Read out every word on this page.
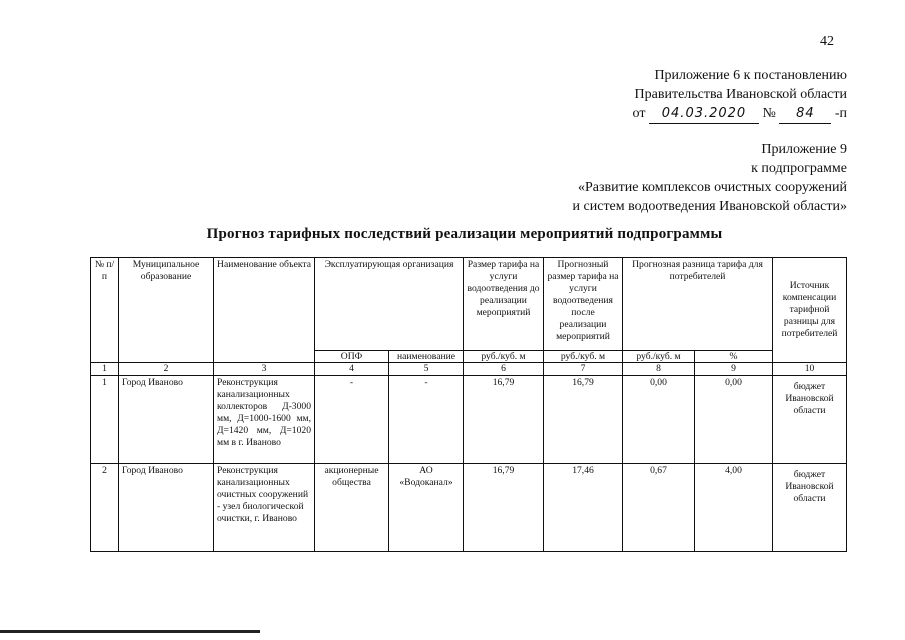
42
Приложение 6 к постановлению
Правительства Ивановской области
от 04.03.2020 № 84 -п
Приложение 9
к подпрограмме
«Развитие комплексов очистных сооружений
и систем водоотведения Ивановской области»
Прогноз тарифных последствий реализации мероприятий подпрограммы
№ п/п	Муниципальное образование	Наименование объекта	Эксплуатирующая организация		Размер тарифа на услуги водоотведения до реализации мероприятий	Прогнозный размер тарифа на услуги водоотведения после реализации мероприятий	Прогнозная разница тарифа для потребителей		Источник компенсации тарифной разницы для потребителей
			ОПФ	наименование	руб./куб. м	руб./куб. м	руб./куб. м	%	
1	2	3	4	5	6	7	8	9	10
1	Город Иваново	Реконструкция канализационных коллекторов Д-3000 мм, Д=1000-1600 мм, Д=1420 мм, Д=1020 мм в г. Иваново	-	-	16,79	16,79	0,00	0,00	бюджет Ивановской области
2	Город Иваново	Реконструкция канализационных очистных сооружений - узел биологической очистки, г. Иваново	акционерные общества	АО «Водоканал»	16,79	17,46	0,67	4,00	бюджет Ивановской области
